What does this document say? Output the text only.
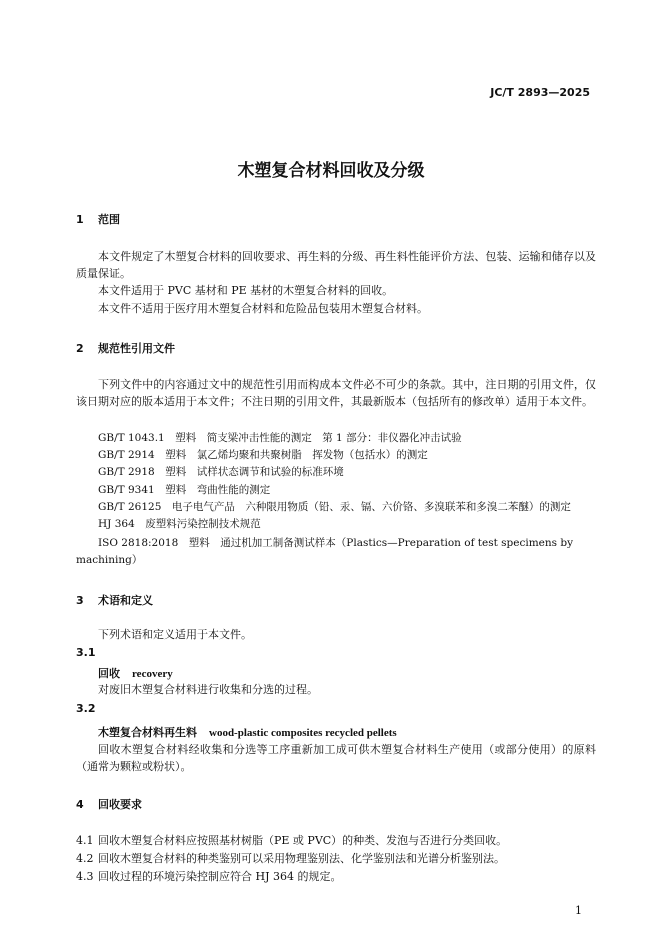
JC/T 2893—2025
木塑复合材料回收及分级
1 范围
本文件规定了木塑复合材料的回收要求、再生料的分级、再生料性能评价方法、包装、运输和储存以及质量保证。
本文件适用于 PVC 基材和 PE 基材的木塑复合材料的回收。
本文件不适用于医疗用木塑复合材料和危险品包装用木塑复合材料。
2 规范性引用文件
下列文件中的内容通过文中的规范性引用而构成本文件必不可少的条款。其中，注日期的引用文件，仅该日期对应的版本适用于本文件；不注日期的引用文件，其最新版本（包括所有的修改单）适用于本文件。
GB/T 1043.1　塑料　简支梁冲击性能的测定　第 1 部分：非仪器化冲击试验
GB/T 2914　塑料　氯乙烯均聚和共聚树脂　挥发物（包括水）的测定
GB/T 2918　塑料　试样状态调节和试验的标准环境
GB/T 9341　塑料　弯曲性能的测定
GB/T 26125　电子电气产品　六种限用物质（铅、汞、镉、六价铬、多溴联苯和多溴二苯醚）的测定
HJ 364　废塑料污染控制技术规范
ISO 2818:2018　塑料　通过机加工制备测试样本（Plastics—Preparation of test specimens by machining）
3 术语和定义
下列术语和定义适用于本文件。
3.1
回收 recovery
对废旧木塑复合材料进行收集和分选的过程。
3.2
木塑复合材料再生料 wood-plastic composites recycled pellets
回收木塑复合材料经收集和分选等工序重新加工成可供木塑复合材料生产使用（或部分使用）的原料（通常为颗粒或粉状）。
4 回收要求
4.1 回收木塑复合材料应按照基材树脂（PE 或 PVC）的种类、发泡与否进行分类回收。
4.2 回收木塑复合材料的种类鉴别可以采用物理鉴别法、化学鉴别法和光谱分析鉴别法。
4.3 回收过程的环境污染控制应符合 HJ 364 的规定。
1
